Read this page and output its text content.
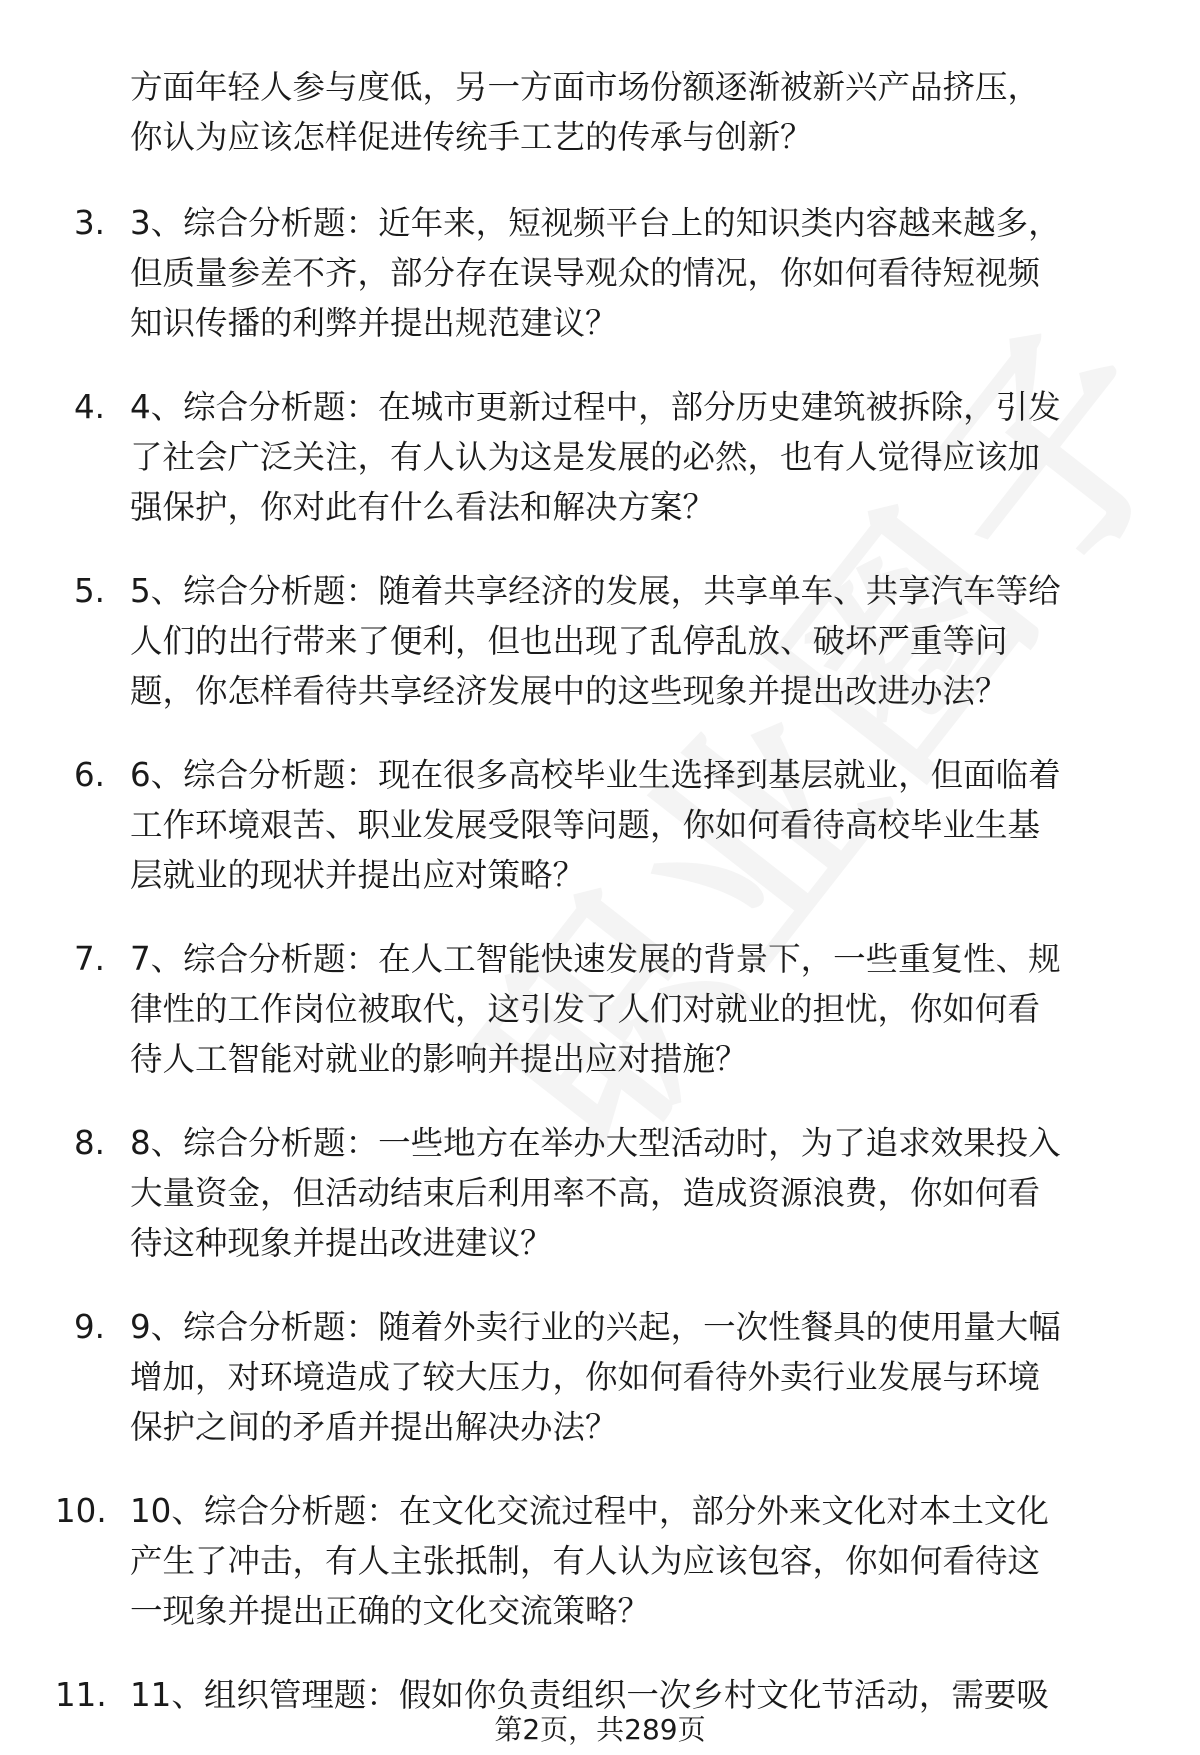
方面年轻人参与度低，另一方面市场份额逐渐被新兴产品挤压，
你认为应该怎样促进传统手工艺的传承与创新？
3. 3、综合分析题：近年来，短视频平台上的知识类内容越来越多，
但质量参差不齐，部分存在误导观众的情况，你如何看待短视频
知识传播的利弊并提出规范建议？
4. 4、综合分析题：在城市更新过程中，部分历史建筑被拆除，引发
了社会广泛关注，有人认为这是发展的必然，也有人觉得应该加
强保护，你对此有什么看法和解决方案？
5. 5、综合分析题：随着共享经济的发展，共享单车、共享汽车等给
人们的出行带来了便利，但也出现了乱停乱放、破坏严重等问
题，你怎样看待共享经济发展中的这些现象并提出改进办法？
6. 6、综合分析题：现在很多高校毕业生选择到基层就业，但面临着
工作环境艰苦、职业发展受限等问题，你如何看待高校毕业生基
层就业的现状并提出应对策略？
7. 7、综合分析题：在人工智能快速发展的背景下，一些重复性、规
律性的工作岗位被取代，这引发了人们对就业的担忧，你如何看
待人工智能对就业的影响并提出应对措施？
8. 8、综合分析题：一些地方在举办大型活动时，为了追求效果投入
大量资金，但活动结束后利用率不高，造成资源浪费，你如何看
待这种现象并提出改进建议？
9. 9、综合分析题：随着外卖行业的兴起，一次性餐具的使用量大幅
增加，对环境造成了较大压力，你如何看待外卖行业发展与环境
保护之间的矛盾并提出解决办法？
10. 10、综合分析题：在文化交流过程中，部分外来文化对本土文化
产生了冲击，有人主张抵制，有人认为应该包容，你如何看待这
一现象并提出正确的文化交流策略？
11. 11、组织管理题：假如你负责组织一次乡村文化节活动，需要吸
第2页，共289页
